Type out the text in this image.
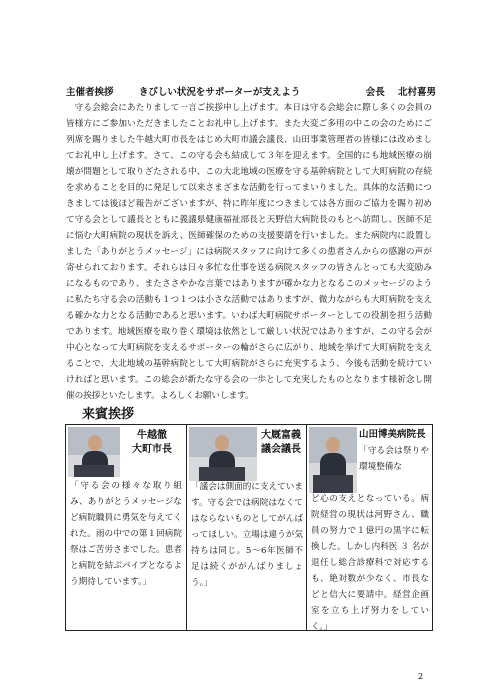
主催者挨拶	きびしい状況をサポーターが支えよう	会長 北村喜男

守る会総会にあたりまして一言ご挨拶申し上げます。本日は守る会総会に際し多くの会員の皆様方にご参加いただきましたことお礼申し上げます。また大変ご多用の中この会のためにご列席を賜りました牛越大町市長をはじめ大町市議会議長、山田事業管理者の皆様には改めましてお礼申し上げます。さて、この守る会も結成して３年を迎えます。全国的にも地域医療の崩壊が問題として取りざたされる中、この大北地域の医療を守る基幹病院として大町病院の存続を求めることを目的に発足して以来さまざまな活動を行ってまいりました。具体的な活動につきましては後ほど報告がございますが、特に昨年度につきましては各方面のご協力を賜り初めて守る会として議長とともに義議県健康福祉部長と天野信大病院長のもとへ訪問し、医師不足に悩む大町病院の現状を訴え、医師確保のための支援要請を行いました。また病院内に設置しました「ありがとうメッセージ」には病院スタッフに向けて多くの患者さんからの感謝の声が寄せられております。それらは日々多忙な仕事を送る病院スタッフの皆さんとっても大変励みになるものであり、またささやかな言葉ではありますが確かな力となるこのメッセージのように私たち守る会の活動も１つ１つは小さな活動ではありますが、微力ながらも大町病院を支える確かな力となる活動であると思います。いわば大町病院サポーターとしての役割を担う活動であります。地域医療を取り巻く環境は依然として厳しい状況ではありますが、この守る会が中心となって大町病院を支えるサポーターの輪がさらに広がり、地域を挙げて大町病院を支えることで、大北地域の基幹病院として大町病院がさらに充実するよう、今後も活動を続けていければと思います。この総会が新たな守る会の一歩として充実したものとなります様祈念し開催の挨拶といたします。よろしくお願いします。

来賓挨拶
牛越徹
大町市長
「守る会の様々な取り組み、ありがとうメッセージなど病院職員に勇気を与えてくれた。雨の中での第１回病院祭はご苦労さまでした。患者と病院を結ぶパイプとなるよう期待しています。」
大厩富義
議会議長
「議会は側面的に支えています。守る会では病院はなくてはならないものとしてがんばってほしい。立場は違うが気持ちは同じ。5〜6年医師不足は続くががんばりましょう。」
山田博美病院長
「守る会は祭りや環境整備な
ど心の支えとなっている。病院経営の現状は河野さん、職員の努力で１億円の黒字に転換した。しかし内科医 ３ 名が退任し総合診療科で対応するも、絶対数が少なく、市長などと信大に要請中。経営企画室を立ち上げ努力をしていく。」
2
